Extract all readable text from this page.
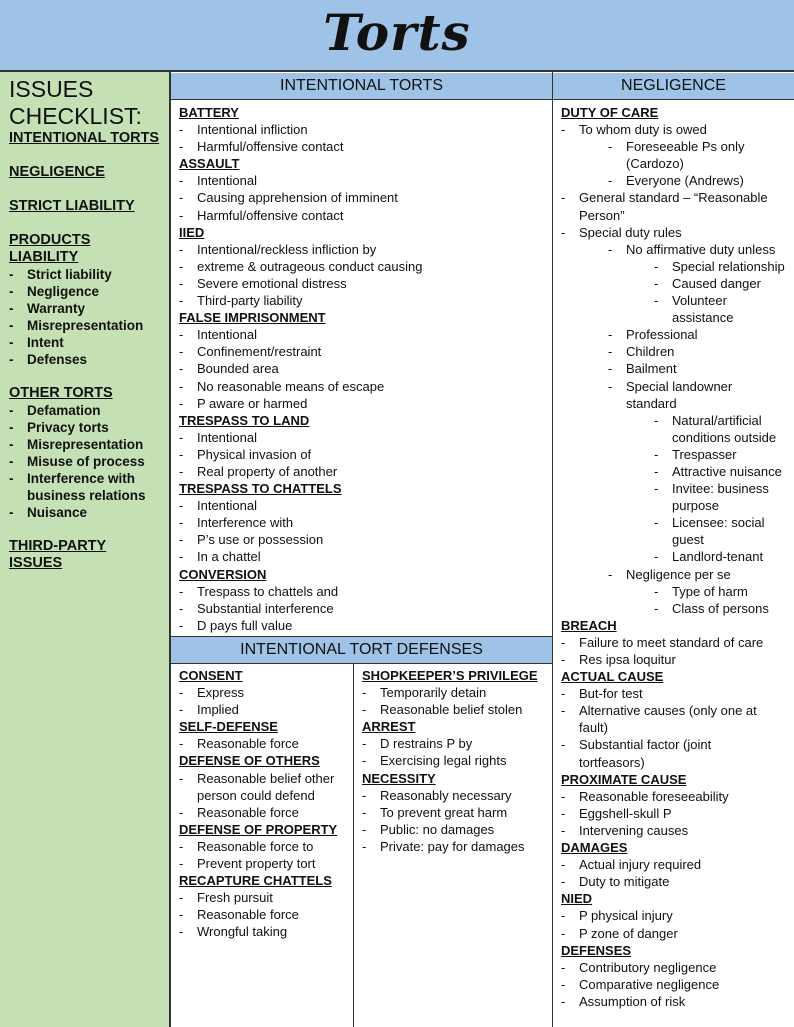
Torts
ISSUES
CHECKLIST:
INTENTIONAL TORTS
NEGLIGENCE
STRICT LIABILITY
PRODUCTS LIABILITY
-	Strict liability
-	Negligence
-	Warranty
-	Misrepresentation
-	Intent
-	Defenses
OTHER TORTS
-	Defamation
-	Privacy torts
-	Misrepresentation
-	Misuse of process
-	Interference with
business relations
-	Nuisance
THIRD-PARTY ISSUES
INTENTIONAL TORTS	NEGLIGENCE
INTENTIONAL TORT DEFENSES
BATTERY
-	Intentional infliction
-	Harmful/offensive contact
ASSAULT
-	Intentional
-	Causing apprehension of imminent
-	Harmful/offensive contact
IIED
-	Intentional/reckless infliction by
-	extreme & outrageous conduct causing
-	Severe emotional distress
-	Third-party liability
FALSE IMPRISONMENT
-	Intentional
-	Confinement/restraint
-	Bounded area
-	No reasonable means of escape
-	P aware or harmed
TRESPASS TO LAND
-	Intentional
-	Physical invasion of
-	Real property of another
TRESPASS TO CHATTELS
-	Intentional
-	Interference with
-	P’s use or possession
-	In a chattel
CONVERSION
-	Trespass to chattels and
-	Substantial interference
-	D pays full value
CONSENT
-	Express
-	Implied
SELF-DEFENSE
-	Reasonable force
DEFENSE OF OTHERS
-	Reasonable belief other
person could defend
-	Reasonable force
DEFENSE OF PROPERTY
-	Reasonable force to
-	Prevent property tort
RECAPTURE CHATTELS
-	Fresh pursuit
-	Reasonable force
-	Wrongful taking
SHOPKEEPER’S PRIVILEGE
-	Temporarily detain
-	Reasonable belief stolen
ARREST
-	D restrains P by
-	Exercising legal rights
NECESSITY
-	Reasonably necessary
-	To prevent great harm
-	Public: no damages
-	Private: pay for damages
DUTY OF CARE
-	To whom duty is owed
-	Foreseeable Ps only
(Cardozo)
-	Everyone (Andrews)
-	General standard – “Reasonable
Person”
-	Special duty rules
-	No affirmative duty unless
-	Special relationship
-	Caused danger
-	Volunteer
assistance
-	Professional
-	Children
-	Bailment
-	Special landowner
standard
-	Natural/artificial
conditions outside
-	Trespasser
-	Attractive nuisance
-	Invitee: business
purpose
-	Licensee: social
guest
-	Landlord-tenant
-	Negligence per se
-	Type of harm
-	Class of persons
BREACH
-	Failure to meet standard of care
-	Res ipsa loquitur
ACTUAL CAUSE
-	But-for test
-	Alternative causes (only one at
fault)
-	Substantial factor (joint
tortfeasors)
PROXIMATE CAUSE
-	Reasonable foreseeability
-	Eggshell-skull P
-	Intervening causes
DAMAGES
-	Actual injury required
-	Duty to mitigate
NIED
-	P physical injury
-	P zone of danger
DEFENSES
-	Contributory negligence
-	Comparative negligence
-	Assumption of risk
